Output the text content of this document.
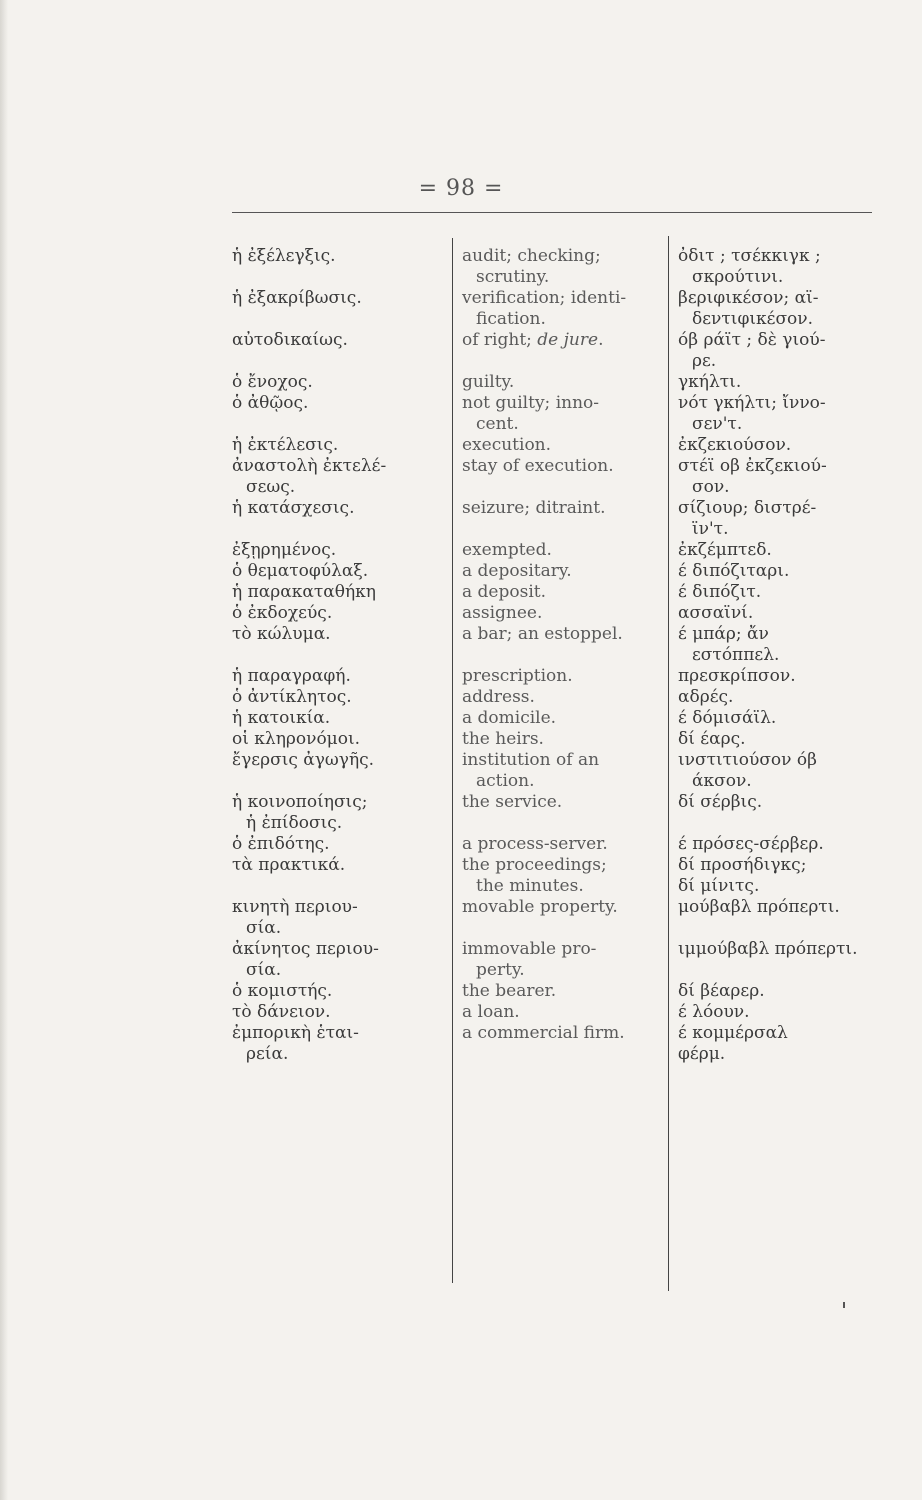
= 98 =
ἡ ἐξέλεγξις.
ἡ ἐξακρίβωσις.
αὐτοδικαίως.
ὁ ἔνοχος.
ὁ ἀθῷος.
ἡ ἐκτέλεσις.
ἀναστολὴ ἐκτελέ-
σεως.
ἡ κατάσχεσις.
ἐξῃρημένος.
ὁ θεματοφύλαξ.
ἡ παρακαταθήκη
ὁ ἐκδοχεύς.
τὸ κώλυμα.
ἡ παραγραφή.
ὁ ἀντίκλητος.
ἡ κατοικία.
οἱ κληρονόμοι.
ἔγερσις ἀγωγῆς.
ἡ κοινοποίησις;
ἡ ἐπίδοσις.
ὁ ἐπιδότης.
τὰ πρακτικά.
κινητὴ περιου-
σία.
ἀκίνητος περιου-
σία.
ὁ κομιστής.
τὸ δάνειον.
ἐμπορικὴ ἑται-
ρεία.
audit; checking;
scrutiny.
verification; identi-
fication.
of right; de jure.
guilty.
not guilty; inno-
cent.
execution.
stay of execution.
seizure; ditraint.
exempted.
a depositary.
a deposit.
assignee.
a bar; an estoppel.
prescription.
address.
a domicile.
the heirs.
institution of an
action.
the service.
a process-server.
the proceedings;
the minutes.
movable property.
immovable pro-
perty.
the bearer.
a loan.
a commercial firm.
ὀδιτ ; τσέκκιγκ ;
σκρούτινι.
βεριφικέσον; αϊ-
δεντιφικέσον.
όβ ράϊτ ; δὲ γιού-
ρε.
γκήλτι.
νότ γκήλτι; ἴννο-
σεν'τ.
ἐκζεκιούσον.
στέϊ οβ ἐκζεκιού-
σον.
σίζιουρ; διστρέ-
ϊν'τ.
ἐκζέμπτεδ.
έ διπόζιταρι.
έ διπόζιτ.
ασσαϊνί.
έ μπάρ; ἄν
εστόππελ.
πρεσκρίπσον.
αδρές.
έ δόμισάϊλ.
δί έαρς.
ινστιτιούσον όβ
άκσον.
δί σέρβις.
έ πρόσες-σέρβερ.
δί προσήδιγκς;
δί μίνιτς.
μούβαβλ πρόπερτι.
ιμμούβαβλ πρόπερτι.
δί βέαρερ.
έ λόουν.
έ κομμέρσαλ
φέρμ.
